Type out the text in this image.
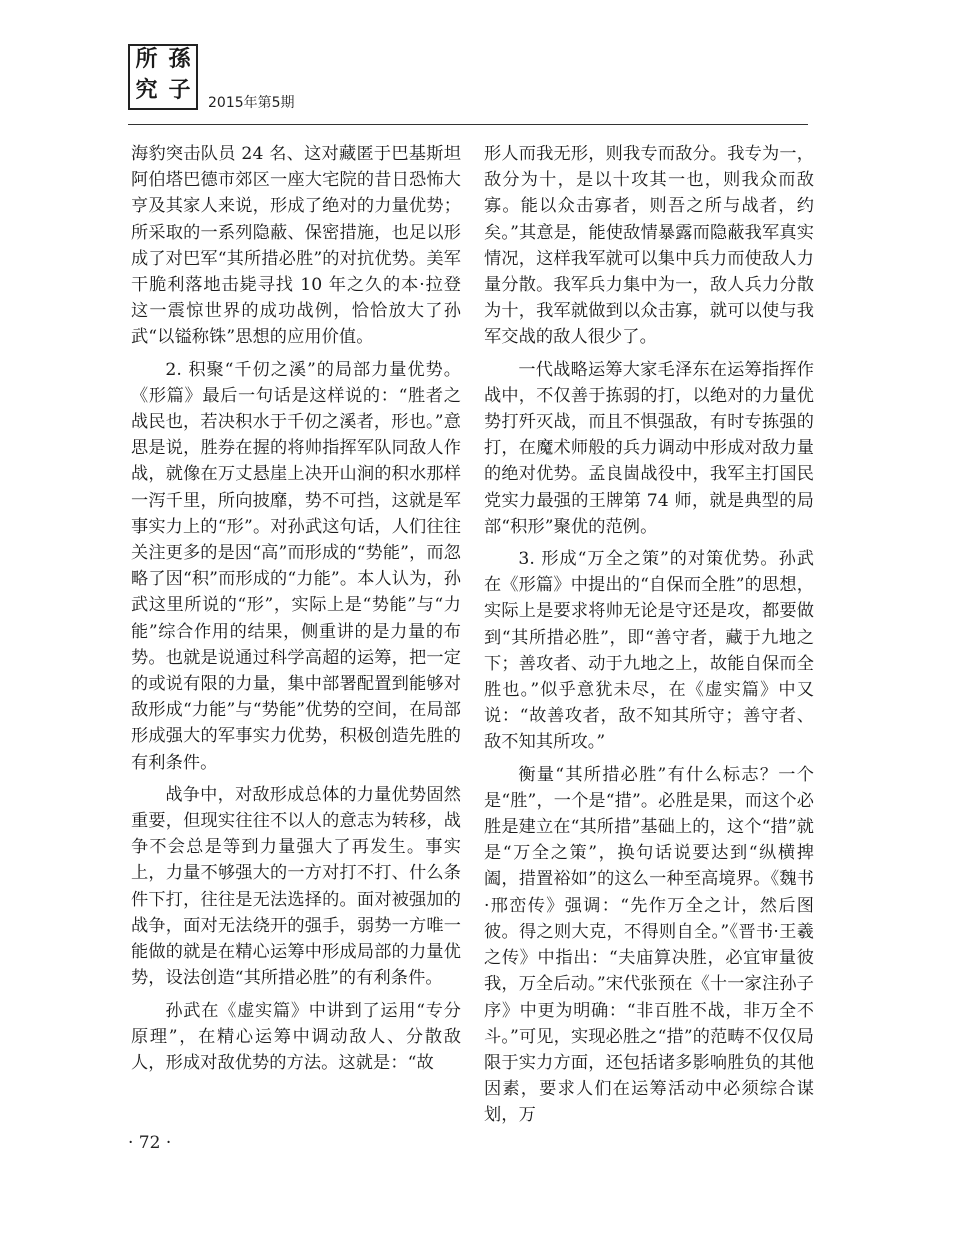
所 孫
究 子	2015年第5期

海豹突击队员 24 名、这对藏匿于巴基斯坦阿伯塔巴德市郊区一座大宅院的昔日恐怖大亨及其家人来说，形成了绝对的力量优势；所采取的一系列隐蔽、保密措施，也足以形成了对巴军“其所措必胜”的对抗优势。美军干脆利落地击毙寻找 10 年之久的本·拉登这一震惊世界的成功战例，恰恰放大了孙武“以镒称铢”思想的应用价值。

2. 积聚“千仞之溪”的局部力量优势。《形篇》最后一句话是这样说的：“胜者之战民也，若决积水于千仞之溪者，形也。”意思是说，胜券在握的将帅指挥军队同敌人作战，就像在万丈悬崖上决开山涧的积水那样一泻千里，所向披靡，势不可挡，这就是军事实力上的“形”。对孙武这句话，人们往往关注更多的是因“高”而形成的“势能”，而忽略了因“积”而形成的“力能”。本人认为，孙武这里所说的“形”，实际上是“势能”与“力能”综合作用的结果，侧重讲的是力量的布势。也就是说通过科学高超的运筹，把一定的或说有限的力量，集中部署配置到能够对敌形成“力能”与“势能”优势的空间，在局部形成强大的军事实力优势，积极创造先胜的有利条件。

战争中，对敌形成总体的力量优势固然重要，但现实往往不以人的意志为转移，战争不会总是等到力量强大了再发生。事实上，力量不够强大的一方对打不打、什么条件下打，往往是无法选择的。面对被强加的战争，面对无法绕开的强手，弱势一方唯一能做的就是在精心运筹中形成局部的力量优势，设法创造“其所措必胜”的有利条件。

孙武在《虚实篇》中讲到了运用“专分原理”，在精心运筹中调动敌人、分散敌人，形成对敌优势的方法。这就是：“故

形人而我无形，则我专而敌分。我专为一，敌分为十，是以十攻其一也，则我众而敌寡。能以众击寡者，则吾之所与战者，约矣。”其意是，能使敌情暴露而隐蔽我军真实情况，这样我军就可以集中兵力而使敌人力量分散。我军兵力集中为一，敌人兵力分散为十，我军就做到以众击寡，就可以使与我军交战的敌人很少了。

一代战略运筹大家毛泽东在运筹指挥作战中，不仅善于拣弱的打，以绝对的力量优势打歼灭战，而且不惧强敌，有时专拣强的打，在魔术师般的兵力调动中形成对敌力量的绝对优势。孟良崮战役中，我军主打国民党实力最强的王牌第 74 师，就是典型的局部“积形”聚优的范例。

3. 形成“万全之策”的对策优势。孙武在《形篇》中提出的“自保而全胜”的思想，实际上是要求将帅无论是守还是攻，都要做到“其所措必胜”，即“善守者，藏于九地之下；善攻者、动于九地之上，故能自保而全胜也。”似乎意犹未尽，在《虚实篇》中又说：“故善攻者，敌不知其所守；善守者、敌不知其所攻。”

衡量“其所措必胜”有什么标志？一个是“胜”，一个是“措”。必胜是果，而这个必胜是建立在“其所措”基础上的，这个“措”就是“万全之策”，换句话说要达到“纵横捭阖，措置裕如”的这么一种至高境界。《魏书·邢峦传》强调：“先作万全之计，然后图彼。得之则大克，不得则自全。”《晋书·王羲之传》中指出：“夫庙算决胜，必宜审量彼我，万全后动。”宋代张预在《十一家注孙子序》中更为明确：“非百胜不战，非万全不斗。”可见，实现必胜之“措”的范畴不仅仅局限于实力方面，还包括诸多影响胜负的其他因素，要求人们在运筹活动中必须综合谋划，万

· 72 ·
